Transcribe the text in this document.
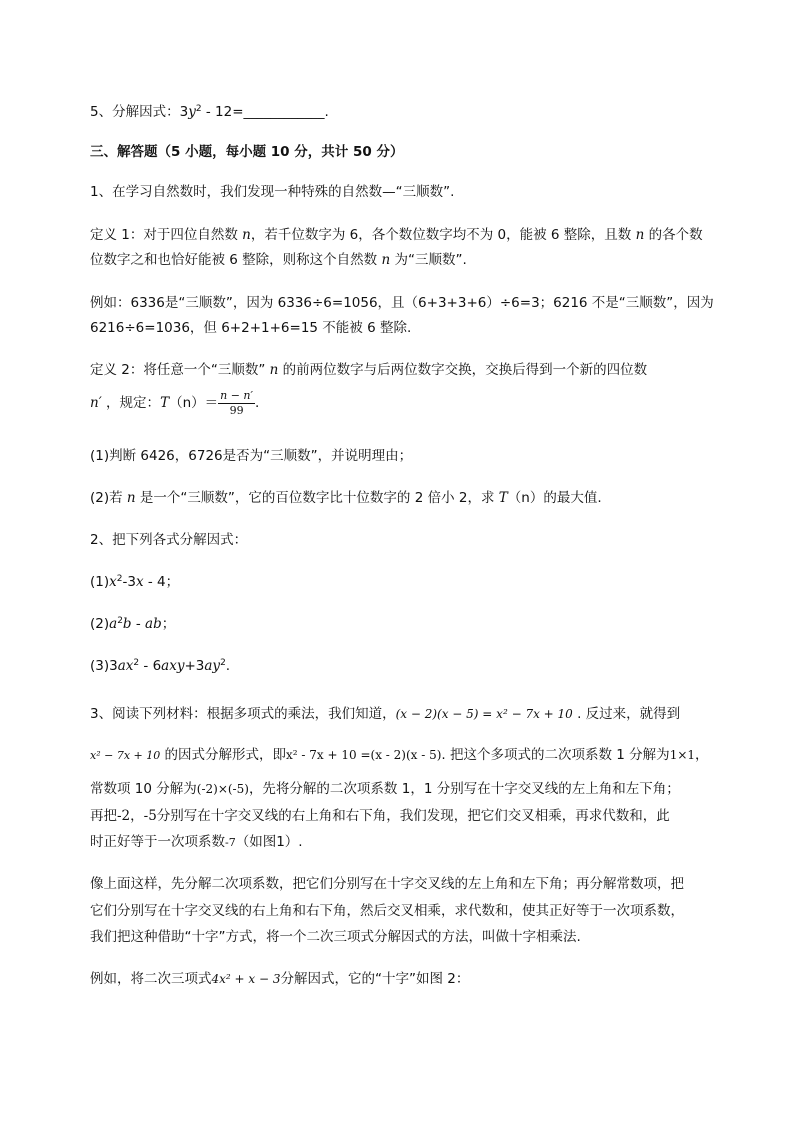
5、分解因式：$3y^2$ - 12=____________.
三、解答题（5 小题，每小题 10 分，共计 50 分）
1、在学习自然数时，我们发现一种特殊的自然数—“三顺数”.
定义 1：对于四位自然数 n，若千位数字为 6，各个数位数字均不为 0，能被 6 整除，且数 n 的各个数
位数字之和也恰好能被 6 整除，则称这个自然数 n 为“三顺数”.
例如：6336是“三顺数”，因为 6336÷6=1056，且（6+3+3+6）÷6=3；6216 不是“三顺数”，因为
6216÷6=1036，但 6+2+1+6=15 不能被 6 整除.
定义 2：将任意一个“三顺数” n 的前两位数字与后两位数字交换，交换后得到一个新的四位数
n′ ，规定：$T(n)= \frac{n - n'}{99}$ .
(1)判断 6426，6726是否为“三顺数”，并说明理由；
(2)若 n 是一个“三顺数”，它的百位数字比十位数字的 2 倍小 2，求 T（n）的最大值.
2、把下列各式分解因式：
$(1)x^2-3x - 4$；
$(2)a^2b$ - ab；
$(3)3ax^2 - 6axy+3ay^2$.
3、阅读下列材料：根据多项式的乘法，我们知道，(x − 2)(x − 5) = x² − 7x + 10 . 反过来，就得到
x² − 7x + 10 的因式分解形式，即x² - 7x + 10 =(x - 2)(x - 5). 把这个多项式的二次项系数 1 分解为1×1，
常数项 10 分解为(-2)×(-5)，先将分解的二次项系数 1，1 分别写在十字交叉线的左上角和左下角；
再把-2，-5分别写在十字交叉线的右上角和右下角，我们发现，把它们交叉相乘，再求代数和，此
时正好等于一次项系数-7（如图1）.
像上面这样，先分解二次项系数，把它们分别写在十字交叉线的左上角和左下角；再分解常数项，把
它们分别写在十字交叉线的右上角和右下角，然后交叉相乘，求代数和，使其正好等于一次项系数，
我们把这种借助“十字”方式，将一个二次三项式分解因式的方法，叫做十字相乘法.
例如，将二次三项式4x² + x − 3分解因式，它的“十字”如图 2：
